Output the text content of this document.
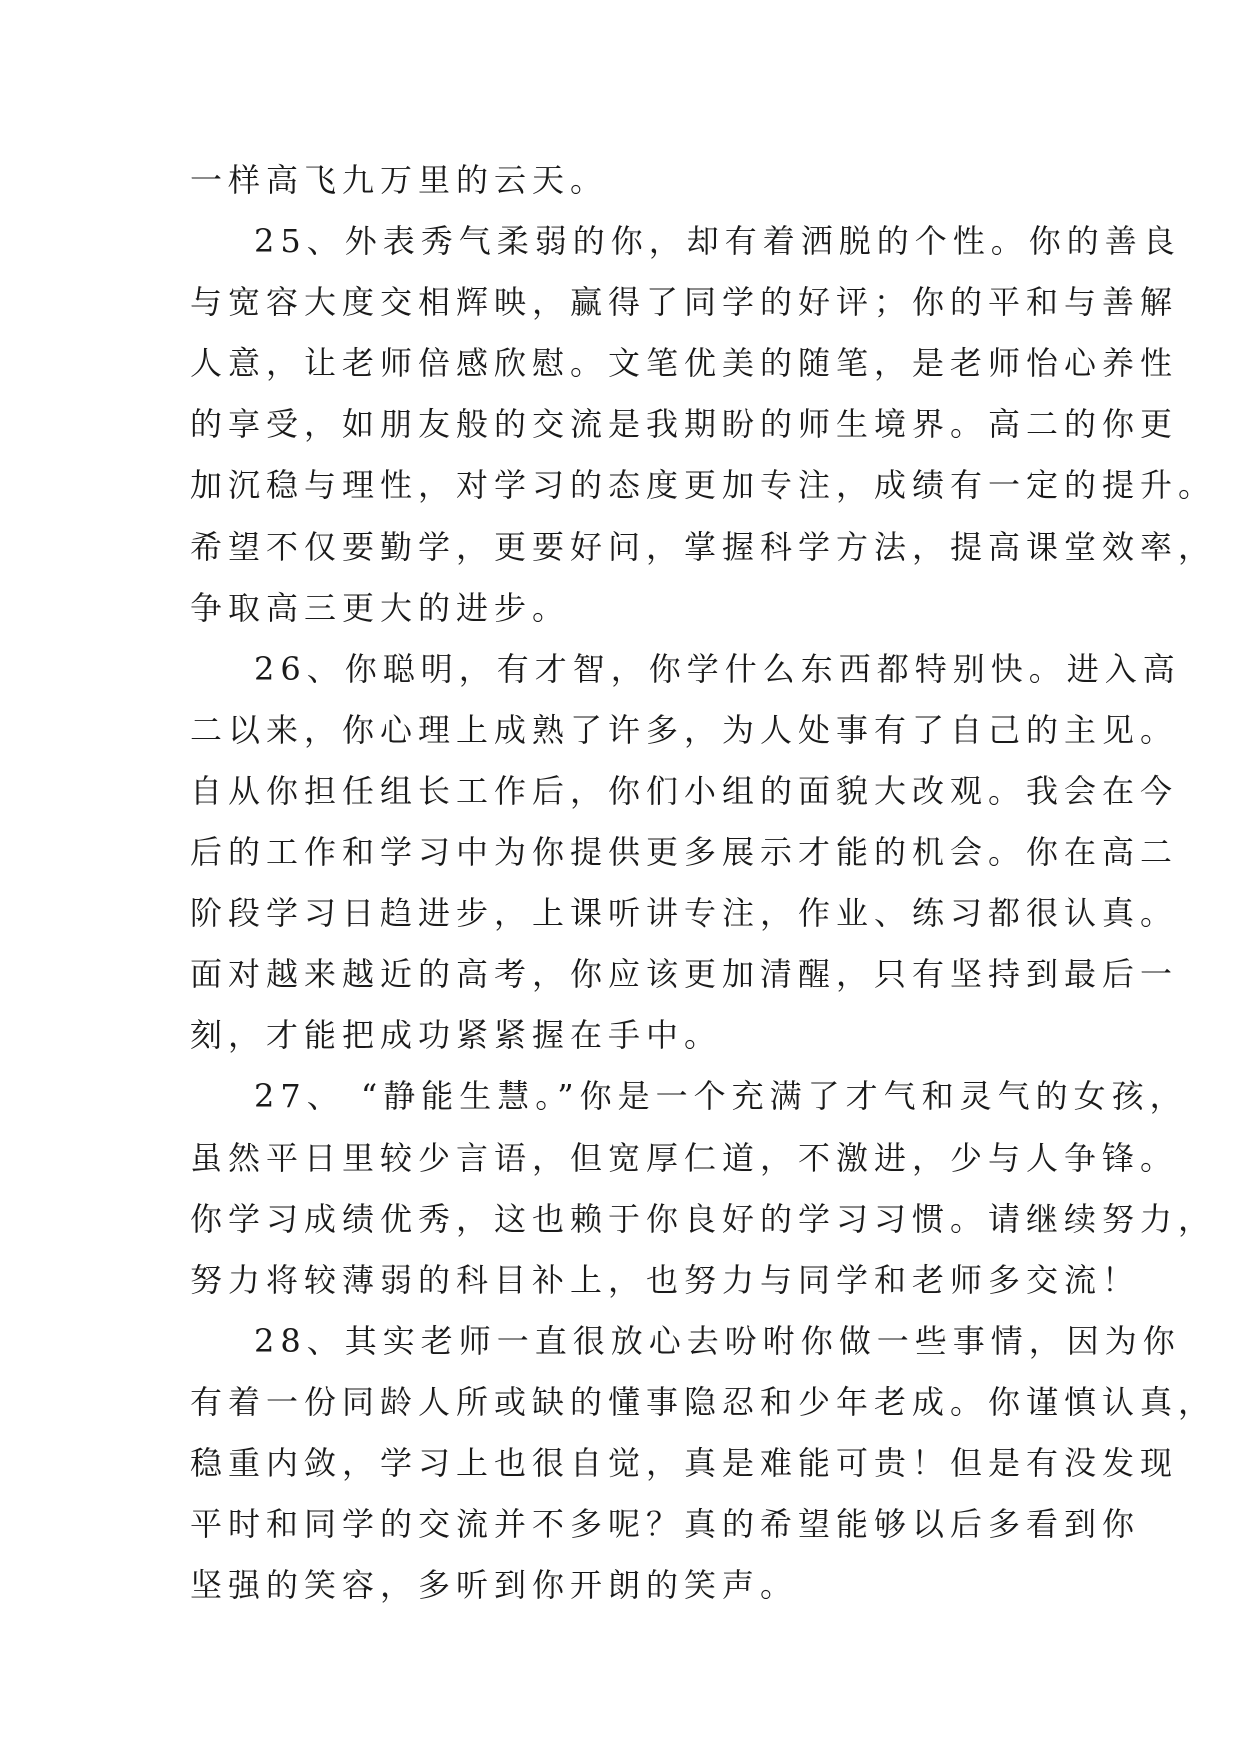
一样高飞九万里的云天。
25、外表秀气柔弱的你，却有着洒脱的个性。你的善良
与宽容大度交相辉映，赢得了同学的好评；你的平和与善解
人意，让老师倍感欣慰。文笔优美的随笔，是老师怡心养性
的享受，如朋友般的交流是我期盼的师生境界。高二的你更
加沉稳与理性，对学习的态度更加专注，成绩有一定的提升。
希望不仅要勤学，更要好问，掌握科学方法，提高课堂效率，
争取高三更大的进步。
26、你聪明，有才智，你学什么东西都特别快。进入高
二以来，你心理上成熟了许多，为人处事有了自己的主见。
自从你担任组长工作后，你们小组的面貌大改观。我会在今
后的工作和学习中为你提供更多展示才能的机会。你在高二
阶段学习日趋进步，上课听讲专注，作业、练习都很认真。
面对越来越近的高考，你应该更加清醒，只有坚持到最后一
刻，才能把成功紧紧握在手中。
27、 “静能生慧。”你是一个充满了才气和灵气的女孩，
虽然平日里较少言语，但宽厚仁道，不激进，少与人争锋。
你学习成绩优秀，这也赖于你良好的学习习惯。请继续努力，
努力将较薄弱的科目补上，也努力与同学和老师多交流！
28、其实老师一直很放心去吩咐你做一些事情，因为你
有着一份同龄人所或缺的懂事隐忍和少年老成。你谨慎认真，
稳重内敛，学习上也很自觉，真是难能可贵！但是有没发现
平时和同学的交流并不多呢？真的希望能够以后多看到你
坚强的笑容，多听到你开朗的笑声。
